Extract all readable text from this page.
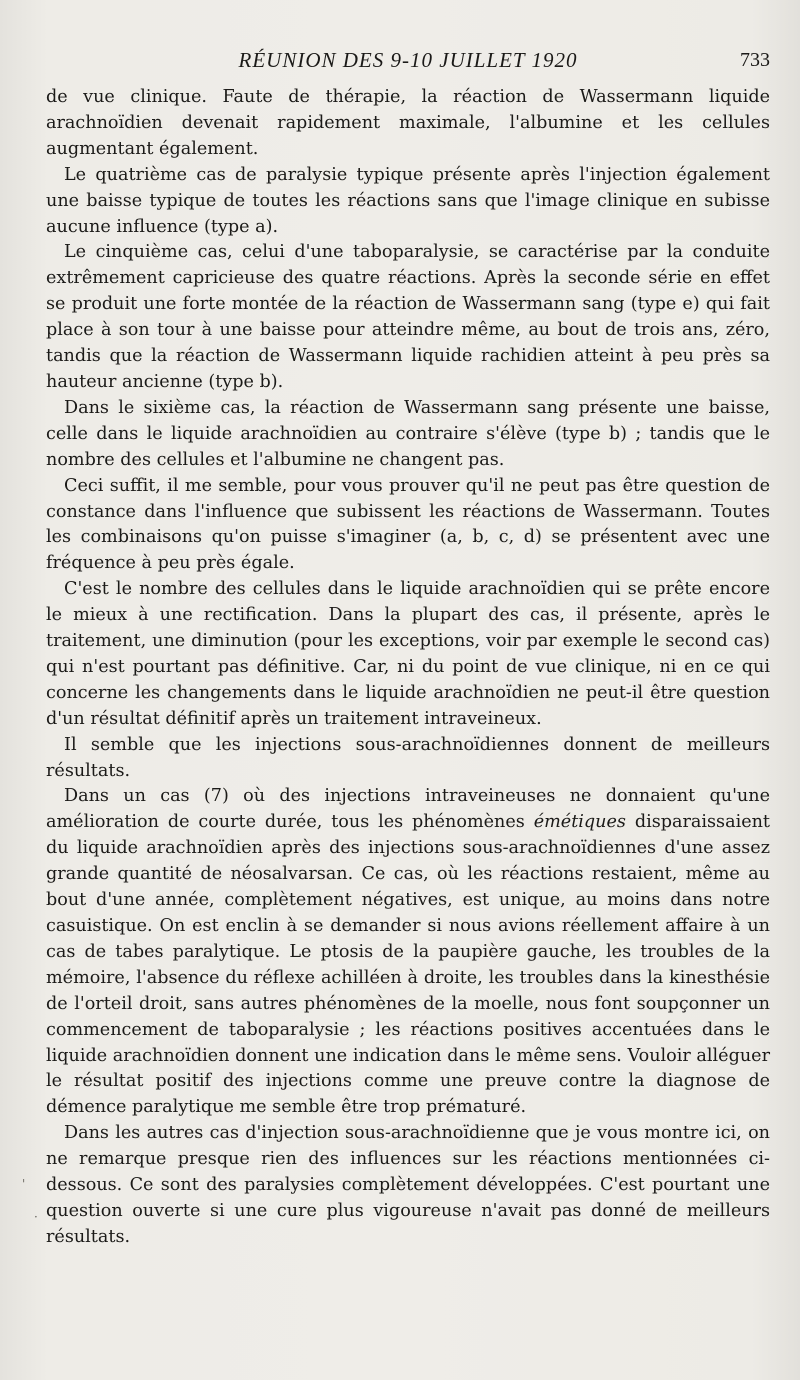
RÉUNION DES 9-10 JUILLET 1920	733

de vue clinique. Faute de thérapie, la réaction de Wassermann liquide arachnoïdien devenait rapidement maximale, l'albumine et les cellules augmentant également.

Le quatrième cas de paralysie typique présente après l'injection également une baisse typique de toutes les réactions sans que l'image clinique en subisse aucune influence (type a).

Le cinquième cas, celui d'une taboparalysie, se caractérise par la conduite extrêmement capricieuse des quatre réactions. Après la seconde série en effet se produit une forte montée de la réaction de Wassermann sang (type e) qui fait place à son tour à une baisse pour atteindre même, au bout de trois ans, zéro, tandis que la réaction de Wassermann liquide rachidien atteint à peu près sa hauteur ancienne (type b).

Dans le sixième cas, la réaction de Wassermann sang présente une baisse, celle dans le liquide arachnoïdien au contraire s'élève (type b) ; tandis que le nombre des cellules et l'albumine ne changent pas.

Ceci suffit, il me semble, pour vous prouver qu'il ne peut pas être question de constance dans l'influence que subissent les réactions de Wassermann. Toutes les combinaisons qu'on puisse s'imaginer (a, b, c, d) se présentent avec une fréquence à peu près égale.

C'est le nombre des cellules dans le liquide arachnoïdien qui se prête encore le mieux à une rectification. Dans la plupart des cas, il présente, après le traitement, une diminution (pour les exceptions, voir par exemple le second cas) qui n'est pourtant pas définitive. Car, ni du point de vue clinique, ni en ce qui concerne les changements dans le liquide arachnoïdien ne peut-il être question d'un résultat définitif après un traitement intraveineux.

Il semble que les injections sous-arachnoïdiennes donnent de meilleurs résultats.

Dans un cas (7) où des injections intraveineuses ne donnaient qu'une amélioration de courte durée, tous les phénomènes émétiques disparaissaient du liquide arachnoïdien après des injections sous-arachnoïdiennes d'une assez grande quantité de néosalvarsan. Ce cas, où les réactions restaient, même au bout d'une année, complètement négatives, est unique, au moins dans notre casuistique. On est enclin à se demander si nous avions réellement affaire à un cas de tabes paralytique. Le ptosis de la paupière gauche, les troubles de la mémoire, l'absence du réflexe achilléen à droite, les troubles dans la kinesthésie de l'orteil droit, sans autres phénomènes de la moelle, nous font soupçonner un commencement de taboparalysie ; les réactions positives accentuées dans le liquide arachnoïdien donnent une indication dans le même sens. Vouloir alléguer le résultat positif des injections comme une preuve contre la diagnose de démence paralytique me semble être trop prématuré.

Dans les autres cas d'injection sous-arachnoïdienne que je vous montre ici, on ne remarque presque rien des influences sur les réactions mentionnées ci-dessous. Ce sont des paralysies complètement développées. C'est pourtant une question ouverte si une cure plus vigoureuse n'avait pas donné de meilleurs résultats.

'
·
